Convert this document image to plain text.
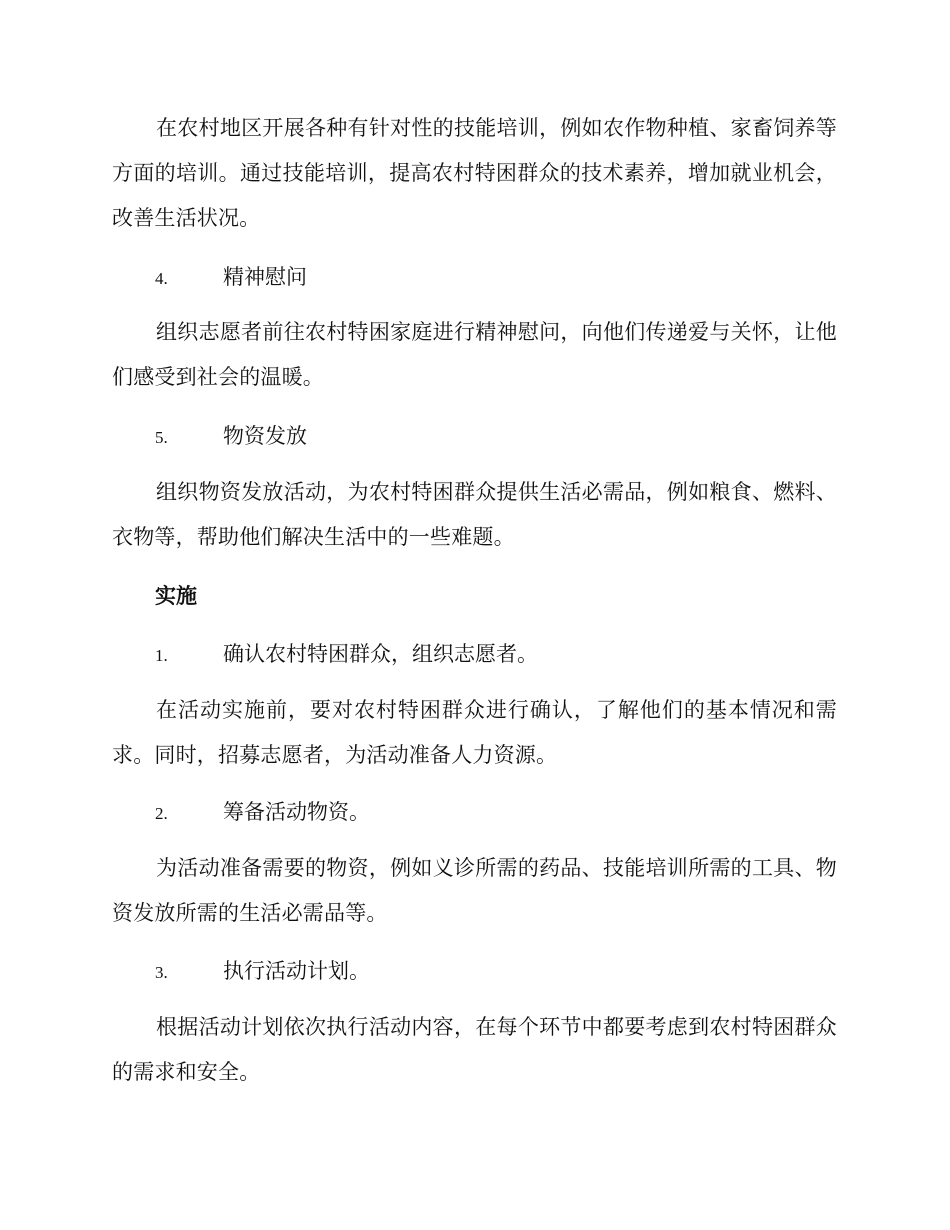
在农村地区开展各种有针对性的技能培训，例如农作物种植、家畜饲养等方面的培训。通过技能培训，提高农村特困群众的技术素养，增加就业机会，改善生活状况。

4.	精神慰问

组织志愿者前往农村特困家庭进行精神慰问，向他们传递爱与关怀，让他们感受到社会的温暖。

5.	物资发放

组织物资发放活动，为农村特困群众提供生活必需品，例如粮食、燃料、衣物等，帮助他们解决生活中的一些难题。

实施
1.	确认农村特困群众，组织志愿者。

在活动实施前，要对农村特困群众进行确认，了解他们的基本情况和需求。同时，招募志愿者，为活动准备人力资源。

2.	筹备活动物资。

为活动准备需要的物资，例如义诊所需的药品、技能培训所需的工具、物资发放所需的生活必需品等。

3.	执行活动计划。

根据活动计划依次执行活动内容，在每个环节中都要考虑到农村特困群众的需求和安全。
